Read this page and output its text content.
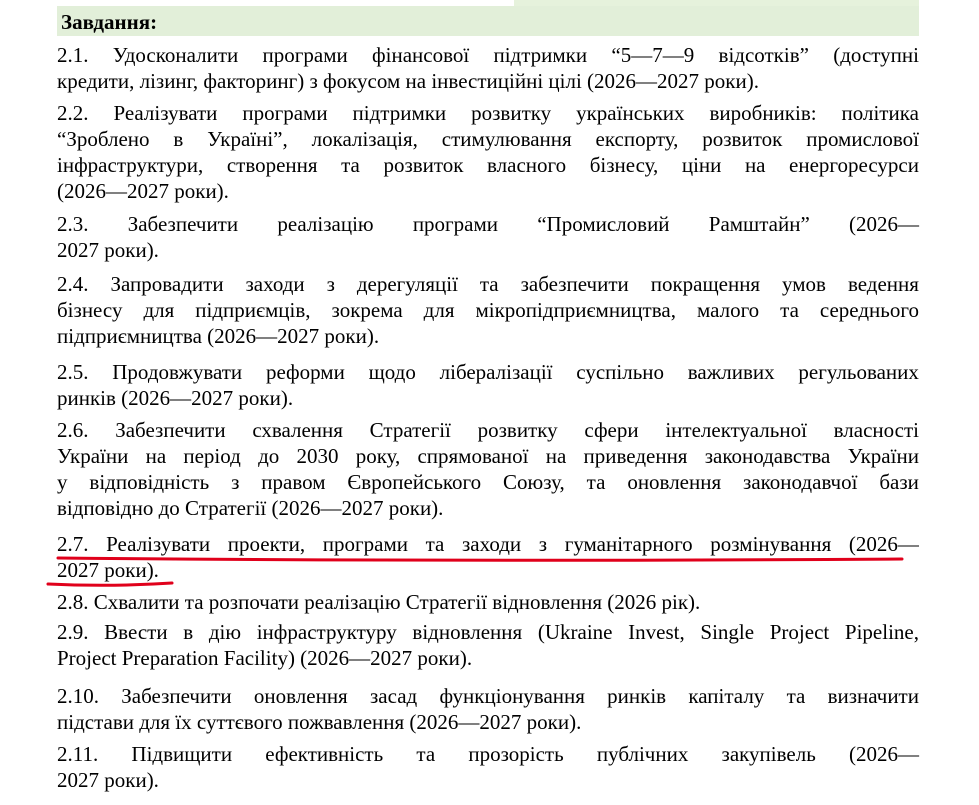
Завдання:
2.1. Удосконалити програми фінансової підтримки “5—7—9 відсотків” (доступні
кредити, лізинг, факторинг) з фокусом на інвестиційні цілі (2026—2027 роки).
2.2. Реалізувати програми підтримки розвитку українських виробників: політика
“Зроблено в Україні”, локалізація, стимулювання експорту, розвиток промислової
інфраструктури, створення та розвиток власного бізнесу, ціни на енергоресурси
(2026—2027 роки).
2.3. Забезпечити реалізацію програми “Промисловий Рамштайн” (2026—
2027 роки).
2.4. Запровадити заходи з дерегуляції та забезпечити покращення умов ведення
бізнесу для підприємців, зокрема для мікропідприємництва, малого та середнього
підприємництва (2026—2027 роки).
2.5. Продовжувати реформи щодо лібералізації суспільно важливих регульованих
ринків (2026—2027 роки).
2.6. Забезпечити схвалення Стратегії розвитку сфери інтелектуальної власності
України на період до 2030 року, спрямованої на приведення законодавства України
у відповідність з правом Європейського Союзу, та оновлення законодавчої бази
відповідно до Стратегії (2026—2027 роки).
2.7. Реалізувати проекти, програми та заходи з гуманітарного розмінування (2026—
2027 роки).
2.8. Схвалити та розпочати реалізацію Стратегії відновлення (2026 рік).
2.9. Ввести в дію інфраструктуру відновлення (Ukraine Invest, Single Project Pipeline,
Project Preparation Facility) (2026—2027 роки).
2.10. Забезпечити оновлення засад функціонування ринків капіталу та визначити
підстави для їх суттєвого пожвавлення (2026—2027 роки).
2.11. Підвищити ефективність та прозорість публічних закупівель (2026—
2027 роки).
